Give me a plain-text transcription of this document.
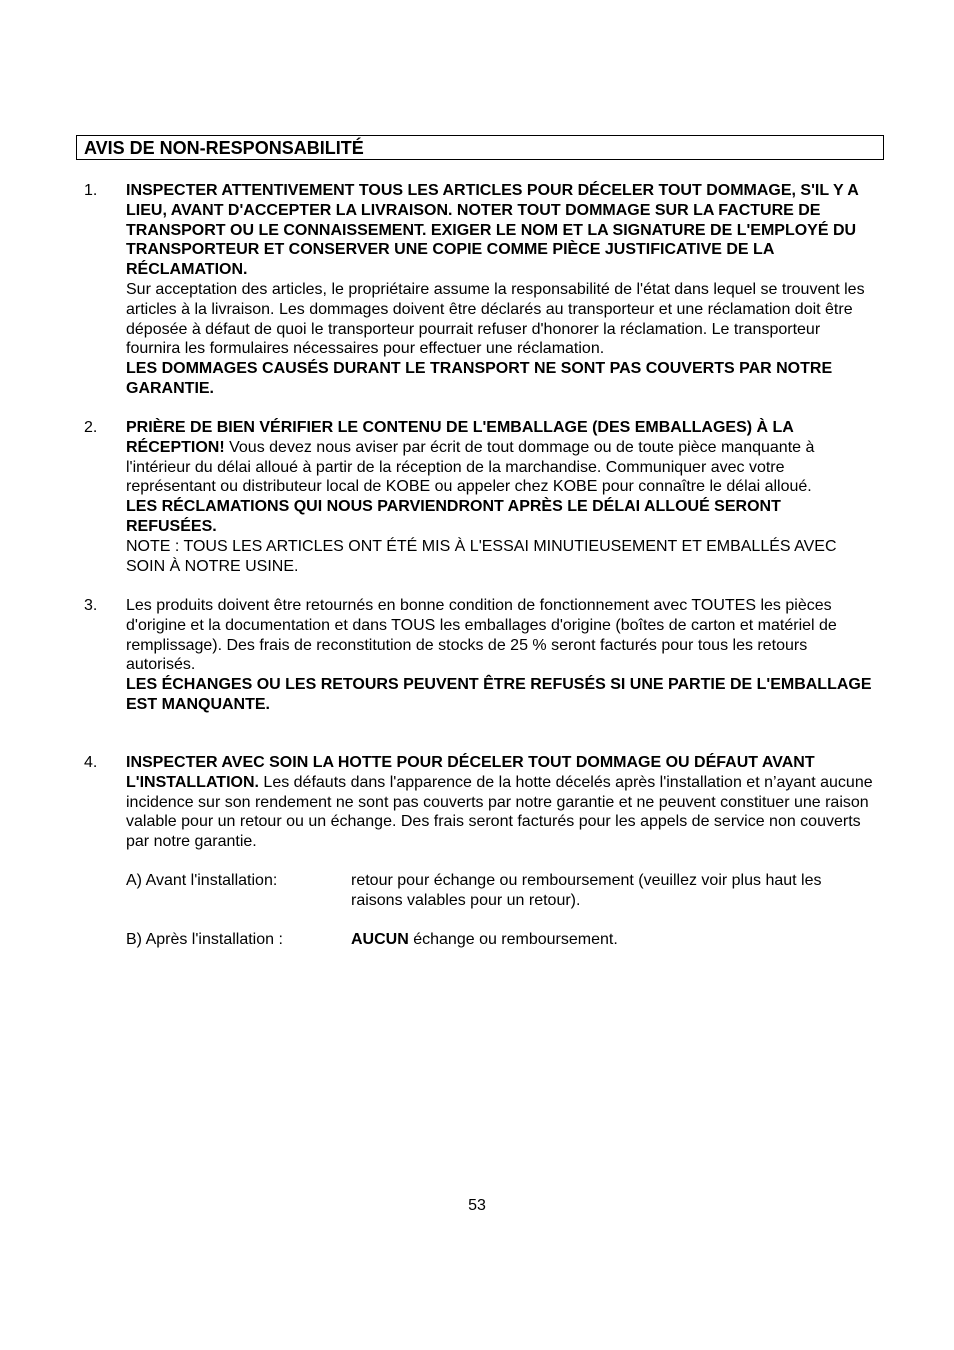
AVIS DE NON-RESPONSABILITÉ
1. INSPECTER ATTENTIVEMENT TOUS LES ARTICLES POUR DÉCELER TOUT DOMMAGE, S'IL Y A LIEU, AVANT D'ACCEPTER LA LIVRAISON. NOTER TOUT DOMMAGE SUR LA FACTURE DE TRANSPORT OU LE CONNAISSEMENT. EXIGER LE NOM ET LA SIGNATURE DE L'EMPLOYÉ DU TRANSPORTEUR ET CONSERVER UNE COPIE COMME PIÈCE JUSTIFICATIVE DE LA RÉCLAMATION.
Sur acceptation des articles, le propriétaire assume la responsabilité de l'état dans lequel se trouvent les articles à la livraison. Les dommages doivent être déclarés au transporteur et une réclamation doit être déposée à défaut de quoi le transporteur pourrait refuser d'honorer la réclamation. Le transporteur fournira les formulaires nécessaires pour effectuer une réclamation.
LES DOMMAGES CAUSÉS DURANT LE TRANSPORT NE SONT PAS COUVERTS PAR NOTRE GARANTIE.

2. PRIÈRE DE BIEN VÉRIFIER LE CONTENU DE L'EMBALLAGE (DES EMBALLAGES) À LA RÉCEPTION! Vous devez nous aviser par écrit de tout dommage ou de toute pièce manquante à l'intérieur du délai alloué à partir de la réception de la marchandise. Communiquer avec votre représentant ou distributeur local de KOBE ou appeler chez KOBE pour connaître le délai alloué.
LES RÉCLAMATIONS QUI NOUS PARVIENDRONT APRÈS LE DÉLAI ALLOUÉ SERONT REFUSÉES.
NOTE : TOUS LES ARTICLES ONT ÉTÉ MIS À L'ESSAI MINUTIEUSEMENT ET EMBALLÉS AVEC SOIN À NOTRE USINE.

3. Les produits doivent être retournés en bonne condition de fonctionnement avec TOUTES les pièces d'origine et la documentation et dans TOUS les emballages d'origine (boîtes de carton et matériel de remplissage). Des frais de reconstitution de stocks de 25 % seront facturés pour tous les retours autorisés.
LES ÉCHANGES OU LES RETOURS PEUVENT ÊTRE REFUSÉS SI UNE PARTIE DE L'EMBALLAGE EST MANQUANTE.

4. INSPECTER AVEC SOIN LA HOTTE POUR DÉCELER TOUT DOMMAGE OU DÉFAUT AVANT L'INSTALLATION. Les défauts dans l'apparence de la hotte décelés après l'installation et n’ayant aucune incidence sur son rendement ne sont pas couverts par notre garantie et ne peuvent constituer une raison valable pour un retour ou un échange. Des frais seront facturés pour les appels de service non couverts par notre garantie.

A) Avant l'installation:	retour pour échange ou remboursement (veuillez voir plus haut les raisons valables pour un retour).
B) Après l'installation :	AUCUN échange ou remboursement.
53
